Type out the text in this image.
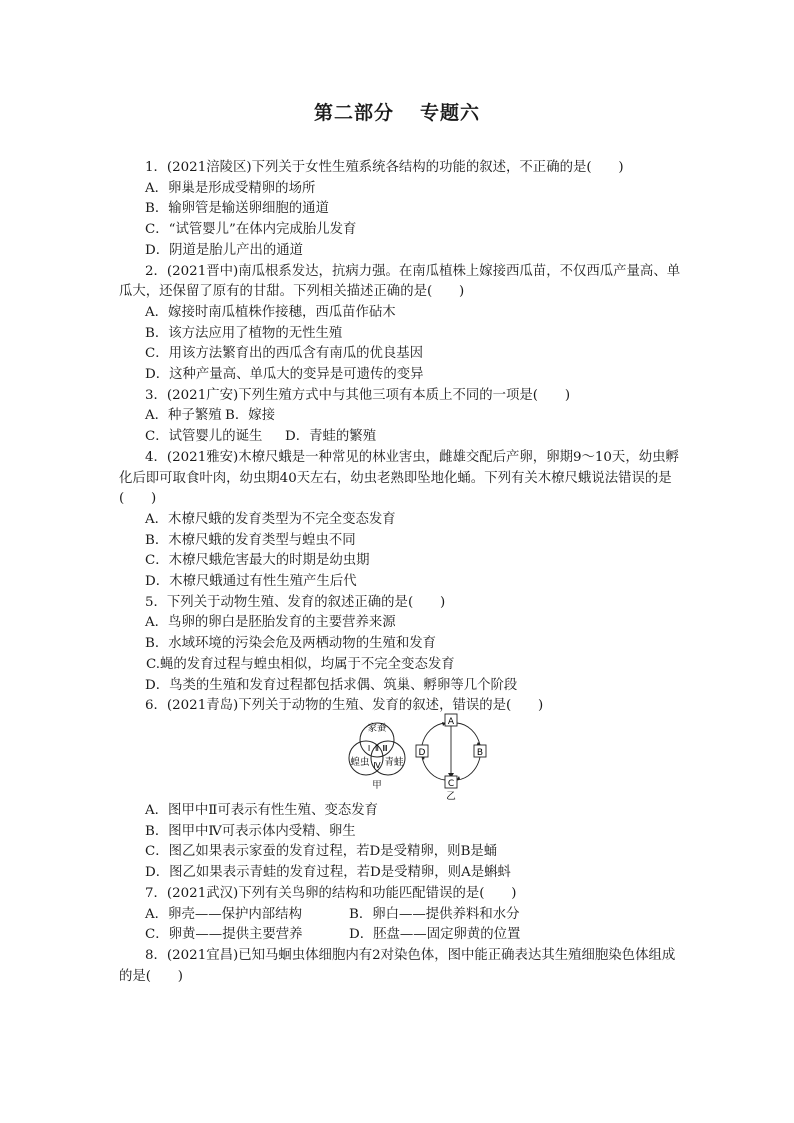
第二部分 专题六

1．(2021涪陵区)下列关于女性生殖系统各结构的功能的叙述，不正确的是(　　)

A．卵巢是形成受精卵的场所

B．输卵管是输送卵细胞的通道

C．“试管婴儿”在体内完成胎儿发育

D．阴道是胎儿产出的通道

2．(2021晋中)南瓜根系发达，抗病力强。在南瓜植株上嫁接西瓜苗，不仅西瓜产量高、单瓜大，还保留了原有的甘甜。下列相关描述正确的是(　　)

A．嫁接时南瓜植株作接穗，西瓜苗作砧木

B．该方法应用了植物的无性生殖

C．用该方法繁育出的西瓜含有南瓜的优良基因

D．这种产量高、单瓜大的变异是可遗传的变异

3．(2021广安)下列生殖方式中与其他三项有本质上不同的一项是(　　)

A．种子繁殖 B．嫁接
C．试管婴儿的诞生	D．青蛙的繁殖

4．(2021雅安)木橑尺蛾是一种常见的林业害虫，雌雄交配后产卵，卵期9～10天，幼虫孵化后即可取食叶肉，幼虫期40天左右，幼虫老熟即坠地化蛹。下列有关木橑尺蛾说法错误的是(　　)

A．木橑尺蛾的发育类型为不完全变态发育

B．木橑尺蛾的发育类型与蝗虫不同

C．木橑尺蛾危害最大的时期是幼虫期

D．木橑尺蛾通过有性生殖产生后代

5．下列关于动物生殖、发育的叙述正确的是(　　)

A．鸟卵的卵白是胚胎发育的主要营养来源

B．水域环境的污染会危及两栖动物的生殖和发育

C.蝇的发育过程与蝗虫相似，均属于不完全变态发育

D．鸟类的生殖和发育过程都包括求偶、筑巢、孵卵等几个阶段

6．(2021青岛)下列关于动物的生殖、发育的叙述，错误的是(　　)

家蚕
蝗虫 青蛙
Ⅰ Ⅱ Ⅲ
Ⅳ
甲
A
B
C
D
乙

A．图甲中Ⅱ可表示有性生殖、变态发育

B．图甲中Ⅳ可表示体内受精、卵生

C．图乙如果表示家蚕的发育过程，若D是受精卵，则B是蛹

D．图乙如果表示青蛙的发育过程，若D是受精卵，则A是蝌蚪

7．(2021武汉)下列有关鸟卵的结构和功能匹配错误的是(　　)

A．卵壳——保护内部结构	B．卵白——提供养料和水分
C．卵黄——提供主要营养	D．胚盘——固定卵黄的位置

8．(2021宜昌)已知马蛔虫体细胞内有2对染色体，图中能正确表达其生殖细胞染色体组成的是(　　)
